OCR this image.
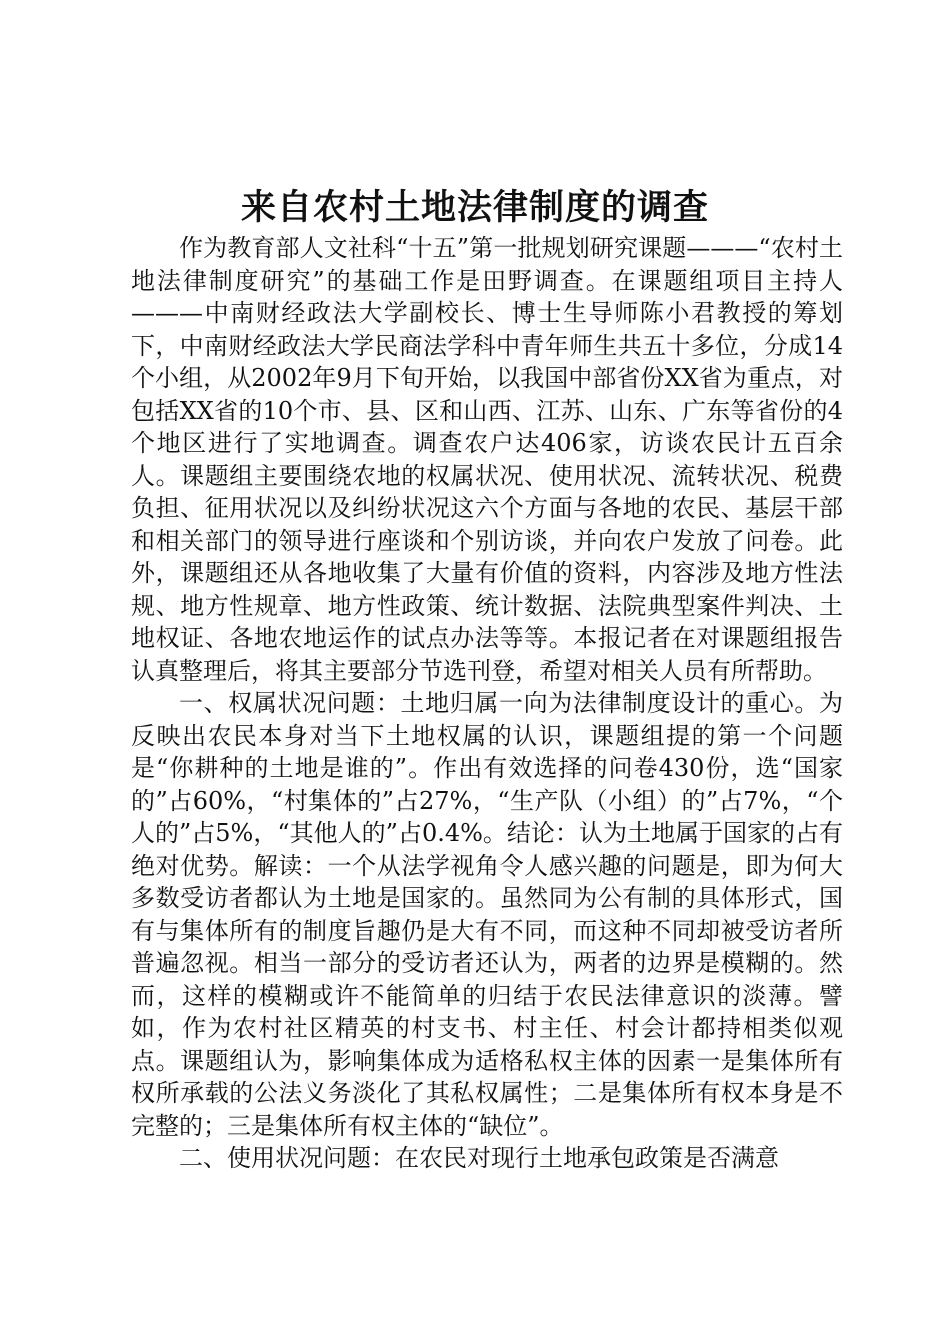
来自农村土地法律制度的调查

作为教育部人文社科“十五”第一批规划研究课题———“农村土地法律制度研究”的基础工作是田野调查。在课题组项目主持人———中南财经政法大学副校长、博士生导师陈小君教授的筹划下，中南财经政法大学民商法学科中青年师生共五十多位，分成14个小组，从2002年9月下旬开始，以我国中部省份XX省为重点，对包括XX省的10个市、县、区和山西、江苏、山东、广东等省份的4个地区进行了实地调查。调查农户达406家，访谈农民计五百余人。课题组主要围绕农地的权属状况、使用状况、流转状况、税费负担、征用状况以及纠纷状况这六个方面与各地的农民、基层干部和相关部门的领导进行座谈和个别访谈，并向农户发放了问卷。此外，课题组还从各地收集了大量有价值的资料，内容涉及地方性法规、地方性规章、地方性政策、统计数据、法院典型案件判决、土地权证、各地农地运作的试点办法等等。本报记者在对课题组报告认真整理后，将其主要部分节选刊登，希望对相关人员有所帮助。

一、权属状况问题：土地归属一向为法律制度设计的重心。为反映出农民本身对当下土地权属的认识，课题组提的第一个问题是“你耕种的土地是谁的”。作出有效选择的问卷430份，选“国家的”占60%，“村集体的”占27%，“生产队（小组）的”占7%，“个人的”占5%，“其他人的”占0.4%。结论：认为土地属于国家的占有绝对优势。解读：一个从法学视角令人感兴趣的问题是，即为何大多数受访者都认为土地是国家的。虽然同为公有制的具体形式，国有与集体所有的制度旨趣仍是大有不同，而这种不同却被受访者所普遍忽视。相当一部分的受访者还认为，两者的边界是模糊的。然而，这样的模糊或许不能简单的归结于农民法律意识的淡薄。譬如，作为农村社区精英的村支书、村主任、村会计都持相类似观点。课题组认为，影响集体成为适格私权主体的因素一是集体所有权所承载的公法义务淡化了其私权属性；二是集体所有权本身是不完整的；三是集体所有权主体的“缺位”。

二、使用状况问题：在农民对现行土地承包政策是否满意
